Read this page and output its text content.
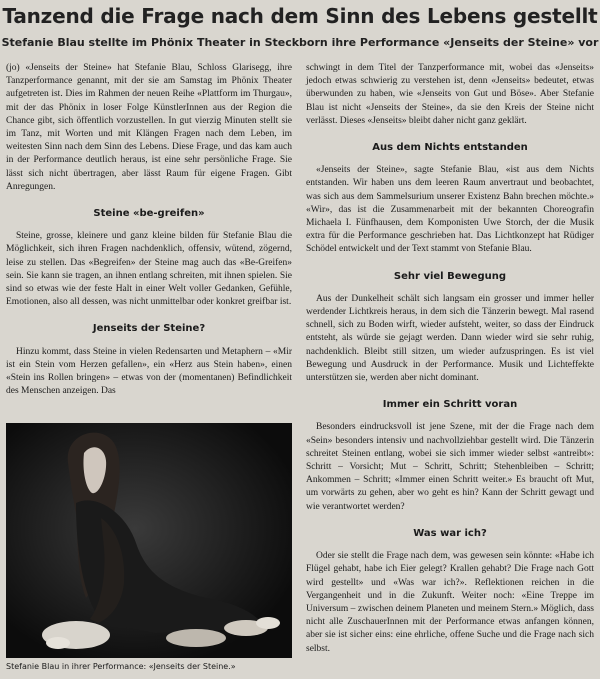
Tanzend die Frage nach dem Sinn des Lebens gestellt
Stefanie Blau stellte im Phönix Theater in Steckborn ihre Performance «Jenseits der Steine» vor

(jo) «Jenseits der Steine» hat Stefanie Blau, Schloss Glarisegg, ihre Tanzperformance genannt, mit der sie am Samstag im Phönix Theater aufgetreten ist. Dies im Rahmen der neuen Reihe «Plattform im Thurgau», mit der das Phönix in loser Folge KünstlerInnen aus der Region die Chance gibt, sich öffentlich vorzustellen. In gut vierzig Minuten stellt sie im Tanz, mit Worten und mit Klängen Fragen nach dem Leben, im weitesten Sinn nach dem Sinn des Lebens. Diese Frage, und das kam auch in der Performance deutlich heraus, ist eine sehr persönliche Frage. Sie lässt sich nicht übertragen, aber lässt Raum für eigene Fragen. Gibt Anregungen.

Steine «be-greifen»

Steine, grosse, kleinere und ganz kleine bilden für Stefanie Blau die Möglichkeit, sich ihren Fragen nachdenklich, offensiv, wütend, zögernd, leise zu stellen. Das «Begreifen» der Steine mag auch das «Be-Greifen» sein. Sie kann sie tragen, an ihnen entlang schreiten, mit ihnen spielen. Sie sind so etwas wie der feste Halt in einer Welt voller Gedanken, Gefühle, Emotionen, also all dessen, was nicht unmittelbar oder konkret greifbar ist.

Jenseits der Steine?

Hinzu kommt, dass Steine in vielen Redensarten und Metaphern – «Mir ist ein Stein vom Herzen gefallen», ein «Herz aus Stein haben», einen «Stein ins Rollen bringen» – etwas von der (momentanen) Befindlichkeit des Menschen anzeigen. Das

Stefanie Blau in ihrer Performance: «Jenseits der Steine.»

schwingt in dem Titel der Tanzperformance mit, wobei das «Jenseits» jedoch etwas schwierig zu verstehen ist, denn «Jenseits» bedeutet, etwas überwunden zu haben, wie «Jenseits von Gut und Böse». Aber Stefanie Blau ist nicht «Jenseits der Steine», da sie den Kreis der Steine nicht verlässt. Dieses «Jenseits» bleibt daher nicht ganz geklärt.

Aus dem Nichts entstanden

«Jenseits der Steine», sagte Stefanie Blau, «ist aus dem Nichts entstanden. Wir haben uns dem leeren Raum anvertraut und beobachtet, was sich aus dem Sammelsurium unserer Existenz Bahn brechen möchte.» «Wir», das ist die Zusammenarbeit mit der bekannten Choreografin Michaela I. Fünfhausen, dem Komponisten Uwe Storch, der die Musik extra für die Performance geschrieben hat. Das Lichtkonzept hat Rüdiger Schödel entwickelt und der Text stammt von Stefanie Blau.

Sehr viel Bewegung

Aus der Dunkelheit schält sich langsam ein grosser und immer heller werdender Lichtkreis heraus, in dem sich die Tänzerin bewegt. Mal rasend schnell, sich zu Boden wirft, wieder aufsteht, weiter, so dass der Eindruck entsteht, als würde sie gejagt werden. Dann wieder wird sie sehr ruhig, nachdenklich. Bleibt still sitzen, um wieder aufzuspringen. Es ist viel Bewegung und Ausdruck in der Performance. Musik und Lichteffekte unterstützen sie, werden aber nicht dominant.

Immer ein Schritt voran

Besonders eindrucksvoll ist jene Szene, mit der die Frage nach dem «Sein» besonders intensiv und nachvollziehbar gestellt wird. Die Tänzerin schreitet Steinen entlang, wobei sie sich immer wieder selbst «antreibt»: Schritt – Vorsicht; Mut – Schritt, Schritt; Stehenbleiben – Schritt; Ankommen – Schritt; «Immer einen Schritt weiter.» Es braucht oft Mut, um vorwärts zu gehen, aber wo geht es hin? Kann der Schritt gewagt und wie verantwortet werden?

Was war ich?

Oder sie stellt die Frage nach dem, was gewesen sein könnte: «Habe ich Flügel gehabt, habe ich Eier gelegt? Krallen gehabt? Die Frage nach Gott wird gestellt» und «Was war ich?». Reflektionen reichen in die Vergangenheit und in die Zukunft. Weiter noch: «Eine Treppe im Universum – zwischen deinem Planeten und meinem Stern.» Möglich, dass nicht alle ZuschauerInnen mit der Performance etwas anfangen können, aber sie ist sicher eins: eine ehrliche, offene Suche und die Frage nach sich selbst.
